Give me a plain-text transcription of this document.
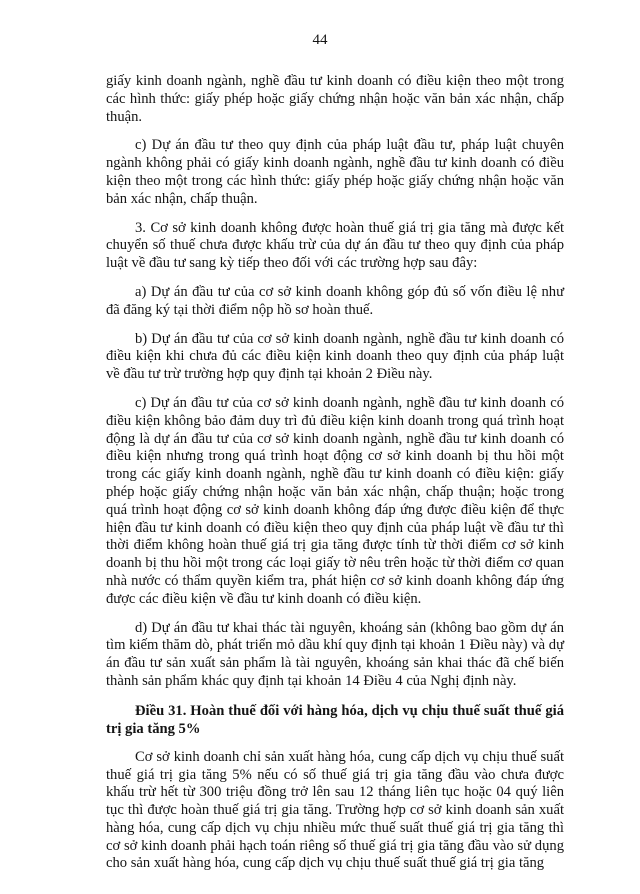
44

giấy kinh doanh ngành, nghề đầu tư kinh doanh có điều kiện theo một trong các hình thức: giấy phép hoặc giấy chứng nhận hoặc văn bản xác nhận, chấp thuận.

c) Dự án đầu tư theo quy định của pháp luật đầu tư, pháp luật chuyên ngành không phải có giấy kinh doanh ngành, nghề đầu tư kinh doanh có điều kiện theo một trong các hình thức: giấy phép hoặc giấy chứng nhận hoặc văn bản xác nhận, chấp thuận.

3. Cơ sở kinh doanh không được hoàn thuế giá trị gia tăng mà được kết chuyển số thuế chưa được khấu trừ của dự án đầu tư theo quy định của pháp luật về đầu tư sang kỳ tiếp theo đối với các trường hợp sau đây:

a) Dự án đầu tư của cơ sở kinh doanh không góp đủ số vốn điều lệ như đã đăng ký tại thời điểm nộp hồ sơ hoàn thuế.

b) Dự án đầu tư của cơ sở kinh doanh ngành, nghề đầu tư kinh doanh có điều kiện khi chưa đủ các điều kiện kinh doanh theo quy định của pháp luật về đầu tư trừ trường hợp quy định tại khoản 2 Điều này.

c) Dự án đầu tư của cơ sở kinh doanh ngành, nghề đầu tư kinh doanh có điều kiện không bảo đảm duy trì đủ điều kiện kinh doanh trong quá trình hoạt động là dự án đầu tư của cơ sở kinh doanh ngành, nghề đầu tư kinh doanh có điều kiện nhưng trong quá trình hoạt động cơ sở kinh doanh bị thu hồi một trong các giấy kinh doanh ngành, nghề đầu tư kinh doanh có điều kiện: giấy phép hoặc giấy chứng nhận hoặc văn bản xác nhận, chấp thuận; hoặc trong quá trình hoạt động cơ sở kinh doanh không đáp ứng được điều kiện để thực hiện đầu tư kinh doanh có điều kiện theo quy định của pháp luật về đầu tư thì thời điểm không hoàn thuế giá trị gia tăng được tính từ thời điểm cơ sở kinh doanh bị thu hồi một trong các loại giấy tờ nêu trên hoặc từ thời điểm cơ quan nhà nước có thẩm quyền kiểm tra, phát hiện cơ sở kinh doanh không đáp ứng được các điều kiện về đầu tư kinh doanh có điều kiện.

d) Dự án đầu tư khai thác tài nguyên, khoáng sản (không bao gồm dự án tìm kiếm thăm dò, phát triển mỏ dầu khí quy định tại khoản 1 Điều này) và dự án đầu tư sản xuất sản phẩm là tài nguyên, khoáng sản khai thác đã chế biến thành sản phẩm khác quy định tại khoản 14 Điều 4 của Nghị định này.

Điều 31. Hoàn thuế đối với hàng hóa, dịch vụ chịu thuế suất thuế giá trị gia tăng 5%

Cơ sở kinh doanh chỉ sản xuất hàng hóa, cung cấp dịch vụ chịu thuế suất thuế giá trị gia tăng 5% nếu có số thuế giá trị gia tăng đầu vào chưa được khấu trừ hết từ 300 triệu đồng trở lên sau 12 tháng liên tục hoặc 04 quý liên tục thì được hoàn thuế giá trị gia tăng. Trường hợp cơ sở kinh doanh sản xuất hàng hóa, cung cấp dịch vụ chịu nhiều mức thuế suất thuế giá trị gia tăng thì cơ sở kinh doanh phải hạch toán riêng số thuế giá trị gia tăng đầu vào sử dụng cho sản xuất hàng hóa, cung cấp dịch vụ chịu thuế suất thuế giá trị gia tăng
